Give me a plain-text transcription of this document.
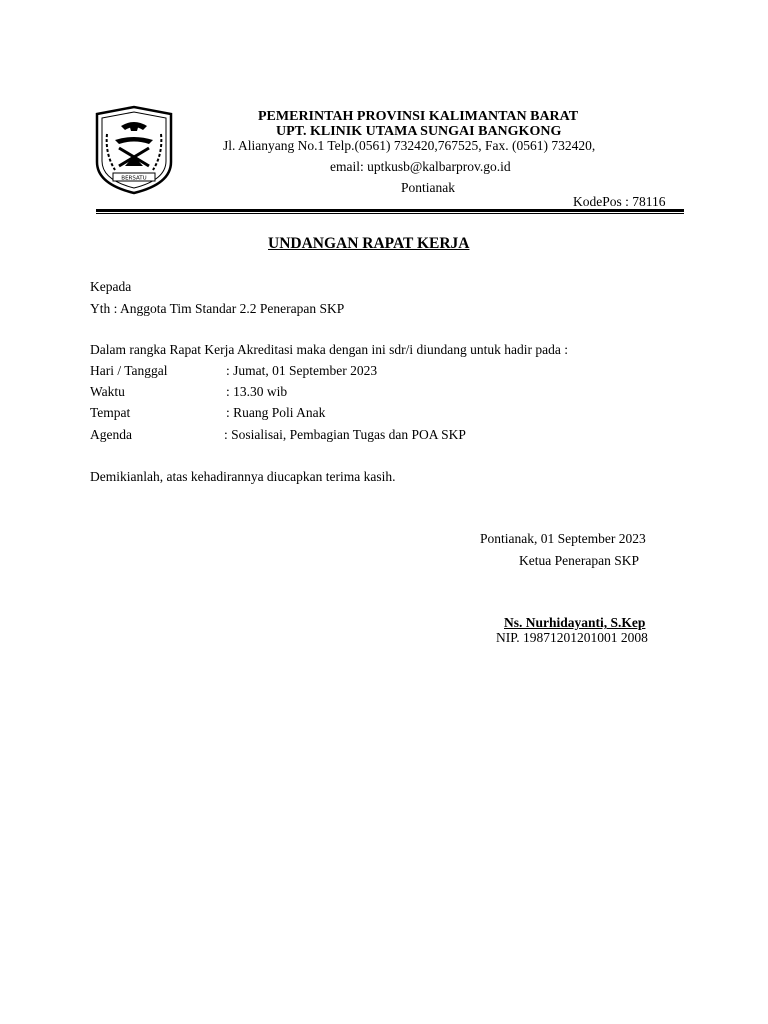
BERSATU
PEMERINTAH PROVINSI KALIMANTAN BARAT
UPT. KLINIK UTAMA SUNGAI BANGKONG
Jl. Alianyang No.1 Telp.(0561) 732420,767525, Fax. (0561) 732420,
email: uptkusb@kalbarprov.go.id
Pontianak
KodePos : 78116
UNDANGAN RAPAT KERJA
Kepada
Yth : Anggota Tim Standar 2.2 Penerapan SKP
Dalam rangka Rapat Kerja Akreditasi maka dengan ini sdr/i diundang untuk hadir pada :
Hari / Tanggal	: Jumat, 01 September 2023
Waktu	: 13.30 wib
Tempat	: Ruang Poli Anak
Agenda	: Sosialisai, Pembagian Tugas dan POA SKP
Demikianlah, atas kehadirannya diucapkan terima kasih.
Pontianak, 01 September 2023
Ketua Penerapan SKP
Ns. Nurhidayanti, S.Kep
NIP. 19871201201001 2008
